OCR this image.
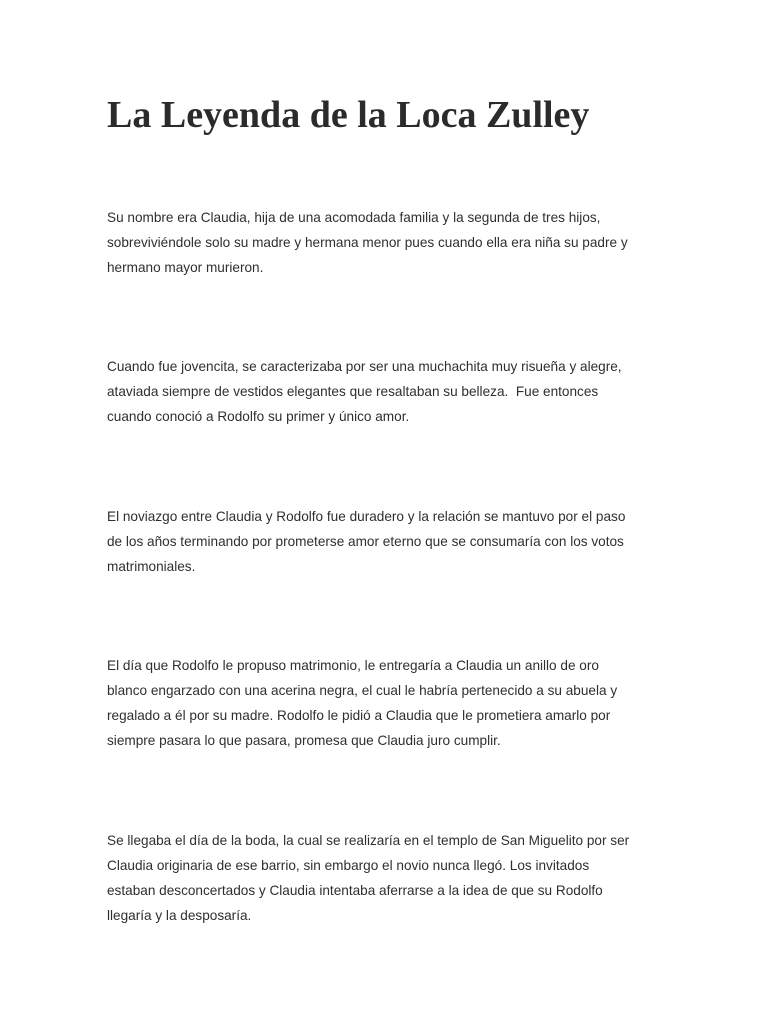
La Leyenda de la Loca Zulley

Su nombre era Claudia, hija de una acomodada familia y la segunda de tres hijos,
sobreviviéndole solo su madre y hermana menor pues cuando ella era niña su padre y
hermano mayor murieron.

Cuando fue jovencita, se caracterizaba por ser una muchachita muy risueña y alegre,
ataviada siempre de vestidos elegantes que resaltaban su belleza.  Fue entonces
cuando conoció a Rodolfo su primer y único amor.

El noviazgo entre Claudia y Rodolfo fue duradero y la relación se mantuvo por el paso
de los años terminando por prometerse amor eterno que se consumaría con los votos
matrimoniales.

El día que Rodolfo le propuso matrimonio, le entregaría a Claudia un anillo de oro
blanco engarzado con una acerina negra, el cual le habría pertenecido a su abuela y
regalado a él por su madre. Rodolfo le pidió a Claudia que le prometiera amarlo por
siempre pasara lo que pasara, promesa que Claudia juro cumplir.

Se llegaba el día de la boda, la cual se realizaría en el templo de San Miguelito por ser
Claudia originaria de ese barrio, sin embargo el novio nunca llegó. Los invitados
estaban desconcertados y Claudia intentaba aferrarse a la idea de que su Rodolfo
llegaría y la desposaría.
